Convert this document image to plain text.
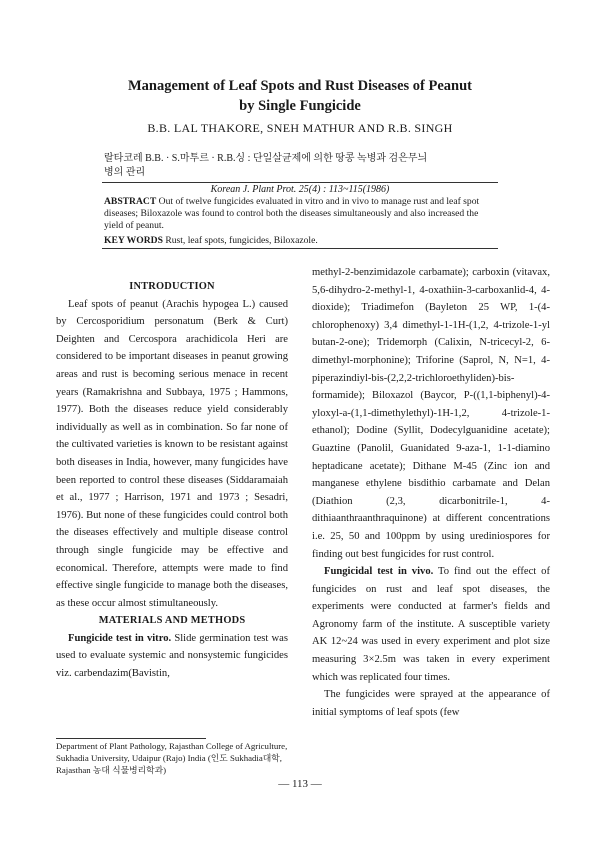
Management of Leaf Spots and Rust Diseases of Peanut
by Single Fungicide
B.B. LAL THAKORE, SNEH MATHUR AND R.B. SINGH
랄타코레 B.B. · S.마투르 · R.B.싱 : 단일살균제에 의한 땅콩 녹병과 검은무늬
병의 관리
Korean J. Plant Prot. 25(4) : 113~115(1986)
ABSTRACT Out of twelve fungicides evaluated in vitro and in vivo to manage rust and leaf spot diseases; Biloxazole was found to control both the diseases simultaneously and also increased the yield of peanut.
KEY WORDS Rust, leaf spots, fungicides, Biloxazole.

INTRODUCTION

Leaf spots of peanut (Arachis hypogea L.) caused by Cercosporidium personatum (Berk & Curt) Deighten and Cercospora arachidicola Heri are considered to be important diseases in peanut growing areas and rust is becoming serious menace in recent years (Ramakrishna and Subbaya, 1975 ; Hammons, 1977). Both the diseases reduce yield considerably individually as well as in combination. So far none of the cultivated varieties is known to be resistant against both diseases in India, however, many fungicides have been reported to control these diseases (Siddaramaiah et al., 1977 ; Harrison, 1971 and 1973 ; Sesadri, 1976). But none of these fungicides could control both the diseases effectively and multiple disease control through single fungicide may be effective and economical. Therefore, attempts were made to find effective single fungicide to manage both the diseases, as these occur almost stimultaneously.

MATERIALS AND METHODS

Fungicide test in vitro. Slide germination test was used to evaluate systemic and nonsystemic fungicides viz. carbendazim(Bavistin,

methyl-2-benzimidazole carbamate); carboxin (vitavax, 5,6-dihydro-2-methyl-1, 4-oxathiin-3-carboxanlid-4, 4-dioxide); Triadimefon (Bayleton 25 WP, 1-(4-chlorophenoxy) 3,4 dimethyl-1-1H-(1,2, 4-trizole-1-yl butan-2-one); Tridemorph (Calixin, N-tricecyl-2, 6-dimethyl-morphonine); Triforine (Saprol, N, N=1, 4-piperazindiyl-bis-(2,2,2-trichloroethyliden)-bis-formamide); Biloxazol (Baycor, P-((1,1-biphenyl)-4-yloxyl-a-(1,1-dimethylethyl)-1H-1,2, 4-trizole-1-ethanol); Dodine (Syllit, Dodecylguanidine acetate); Guaztine (Panolil, Guanidated 9-aza-1, 1-1-diamino heptadicane acetate); Dithane M-45 (Zinc ion and manganese ethylene bisdithio carbamate and Delan (Diathion (2,3, dicarbonitrile-1, 4-dithiaanthraanthraquinone) at different concentrations i.e. 25, 50 and 100ppm by using urediniospores for finding out best fungicides for rust control.

Fungicidal test in vivo. To find out the effect of fungicides on rust and leaf spot diseases, the experiments were conducted at farmer's fields and Agronomy farm of the institute. A susceptible variety AK 12~24 was used in every experiment and plot size measuring 3×2.5m was taken in every experiment which was replicated four times.

The fungicides were sprayed at the appearance of initial symptoms of leaf spots (few

Department of Plant Pathology, Rajasthan College of Agriculture, Sukhadia University, Udaipur (Rajo) India (인도 Sukhadia대학, Rajasthan 농대 식물병리학과)
— 113 —
